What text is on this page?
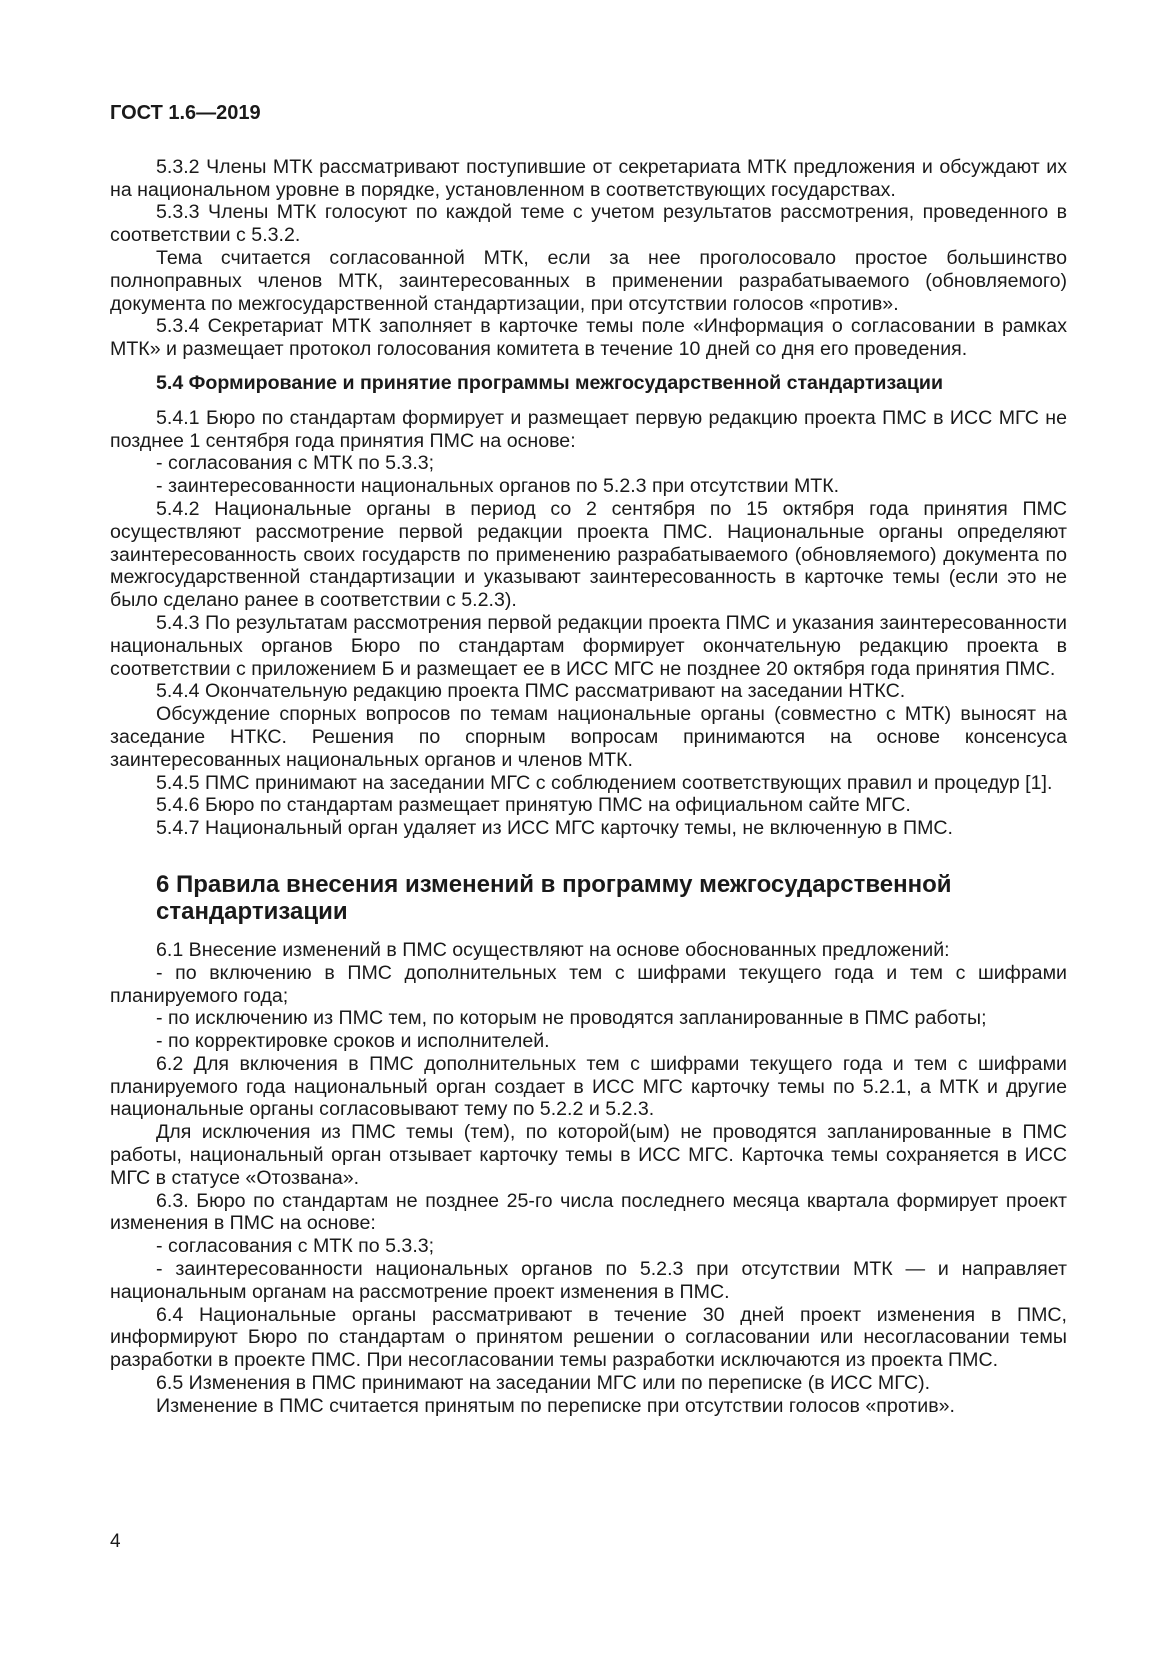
ГОСТ 1.6—2019

5.3.2 Члены МТК рассматривают поступившие от секретариата МТК предложения и обсуждают их на национальном уровне в порядке, установленном в соответствующих государствах.

5.3.3 Члены МТК голосуют по каждой теме с учетом результатов рассмотрения, проведенного в соответствии с 5.3.2.

Тема считается согласованной МТК, если за нее проголосовало простое большинство полноправных членов МТК, заинтересованных в применении разрабатываемого (обновляемого) документа по межгосударственной стандартизации, при отсутствии голосов «против».

5.3.4 Секретариат МТК заполняет в карточке темы поле «Информация о согласовании в рамках МТК» и размещает протокол голосования комитета в течение 10 дней со дня его проведения.

5.4 Формирование и принятие программы межгосударственной стандартизации

5.4.1 Бюро по стандартам формирует и размещает первую редакцию проекта ПМС в ИСС МГС не позднее 1 сентября года принятия ПМС на основе:

- согласования с МТК по 5.3.3;

- заинтересованности национальных органов по 5.2.3 при отсутствии МТК.

5.4.2 Национальные органы в период со 2 сентября по 15 октября года принятия ПМС осуществляют рассмотрение первой редакции проекта ПМС. Национальные органы определяют заинтересованность своих государств по применению разрабатываемого (обновляемого) документа по межгосударственной стандартизации и указывают заинтересованность в карточке темы (если это не было сделано ранее в соответствии с 5.2.3).

5.4.3 По результатам рассмотрения первой редакции проекта ПМС и указания заинтересованности национальных органов Бюро по стандартам формирует окончательную редакцию проекта в соответствии с приложением Б и размещает ее в ИСС МГС не позднее 20 октября года принятия ПМС.

5.4.4 Окончательную редакцию проекта ПМС рассматривают на заседании НТКС.

Обсуждение спорных вопросов по темам национальные органы (совместно с МТК) выносят на заседание НТКС. Решения по спорным вопросам принимаются на основе консенсуса заинтересованных национальных органов и членов МТК.

5.4.5 ПМС принимают на заседании МГС с соблюдением соответствующих правил и процедур [1].

5.4.6 Бюро по стандартам размещает принятую ПМС на официальном сайте МГС.

5.4.7 Национальный орган удаляет из ИСС МГС карточку темы, не включенную в ПМС.

6 Правила внесения изменений в программу межгосударственной стандартизации

6.1 Внесение изменений в ПМС осуществляют на основе обоснованных предложений:

- по включению в ПМС дополнительных тем с шифрами текущего года и тем с шифрами планируемого года;

- по исключению из ПМС тем, по которым не проводятся запланированные в ПМС работы;

- по корректировке сроков и исполнителей.

6.2 Для включения в ПМС дополнительных тем с шифрами текущего года и тем с шифрами планируемого года национальный орган создает в ИСС МГС карточку темы по 5.2.1, а МТК и другие национальные органы согласовывают тему по 5.2.2 и 5.2.3.

Для исключения из ПМС темы (тем), по которой(ым) не проводятся запланированные в ПМС работы, национальный орган отзывает карточку темы в ИСС МГС. Карточка темы сохраняется в ИСС МГС в статусе «Отозвана».

6.3. Бюро по стандартам не позднее 25-го числа последнего месяца квартала формирует проект изменения в ПМС на основе:

- согласования с МТК по 5.3.3;

- заинтересованности национальных органов по 5.2.3 при отсутствии МТК — и направляет национальным органам на рассмотрение проект изменения в ПМС.

6.4 Национальные органы рассматривают в течение 30 дней проект изменения в ПМС, информируют Бюро по стандартам о принятом решении о согласовании или несогласовании темы разработки в проекте ПМС. При несогласовании темы разработки исключаются из проекта ПМС.

6.5 Изменения в ПМС принимают на заседании МГС или по переписке (в ИСС МГС).

Изменение в ПМС считается принятым по переписке при отсутствии голосов «против».

4
